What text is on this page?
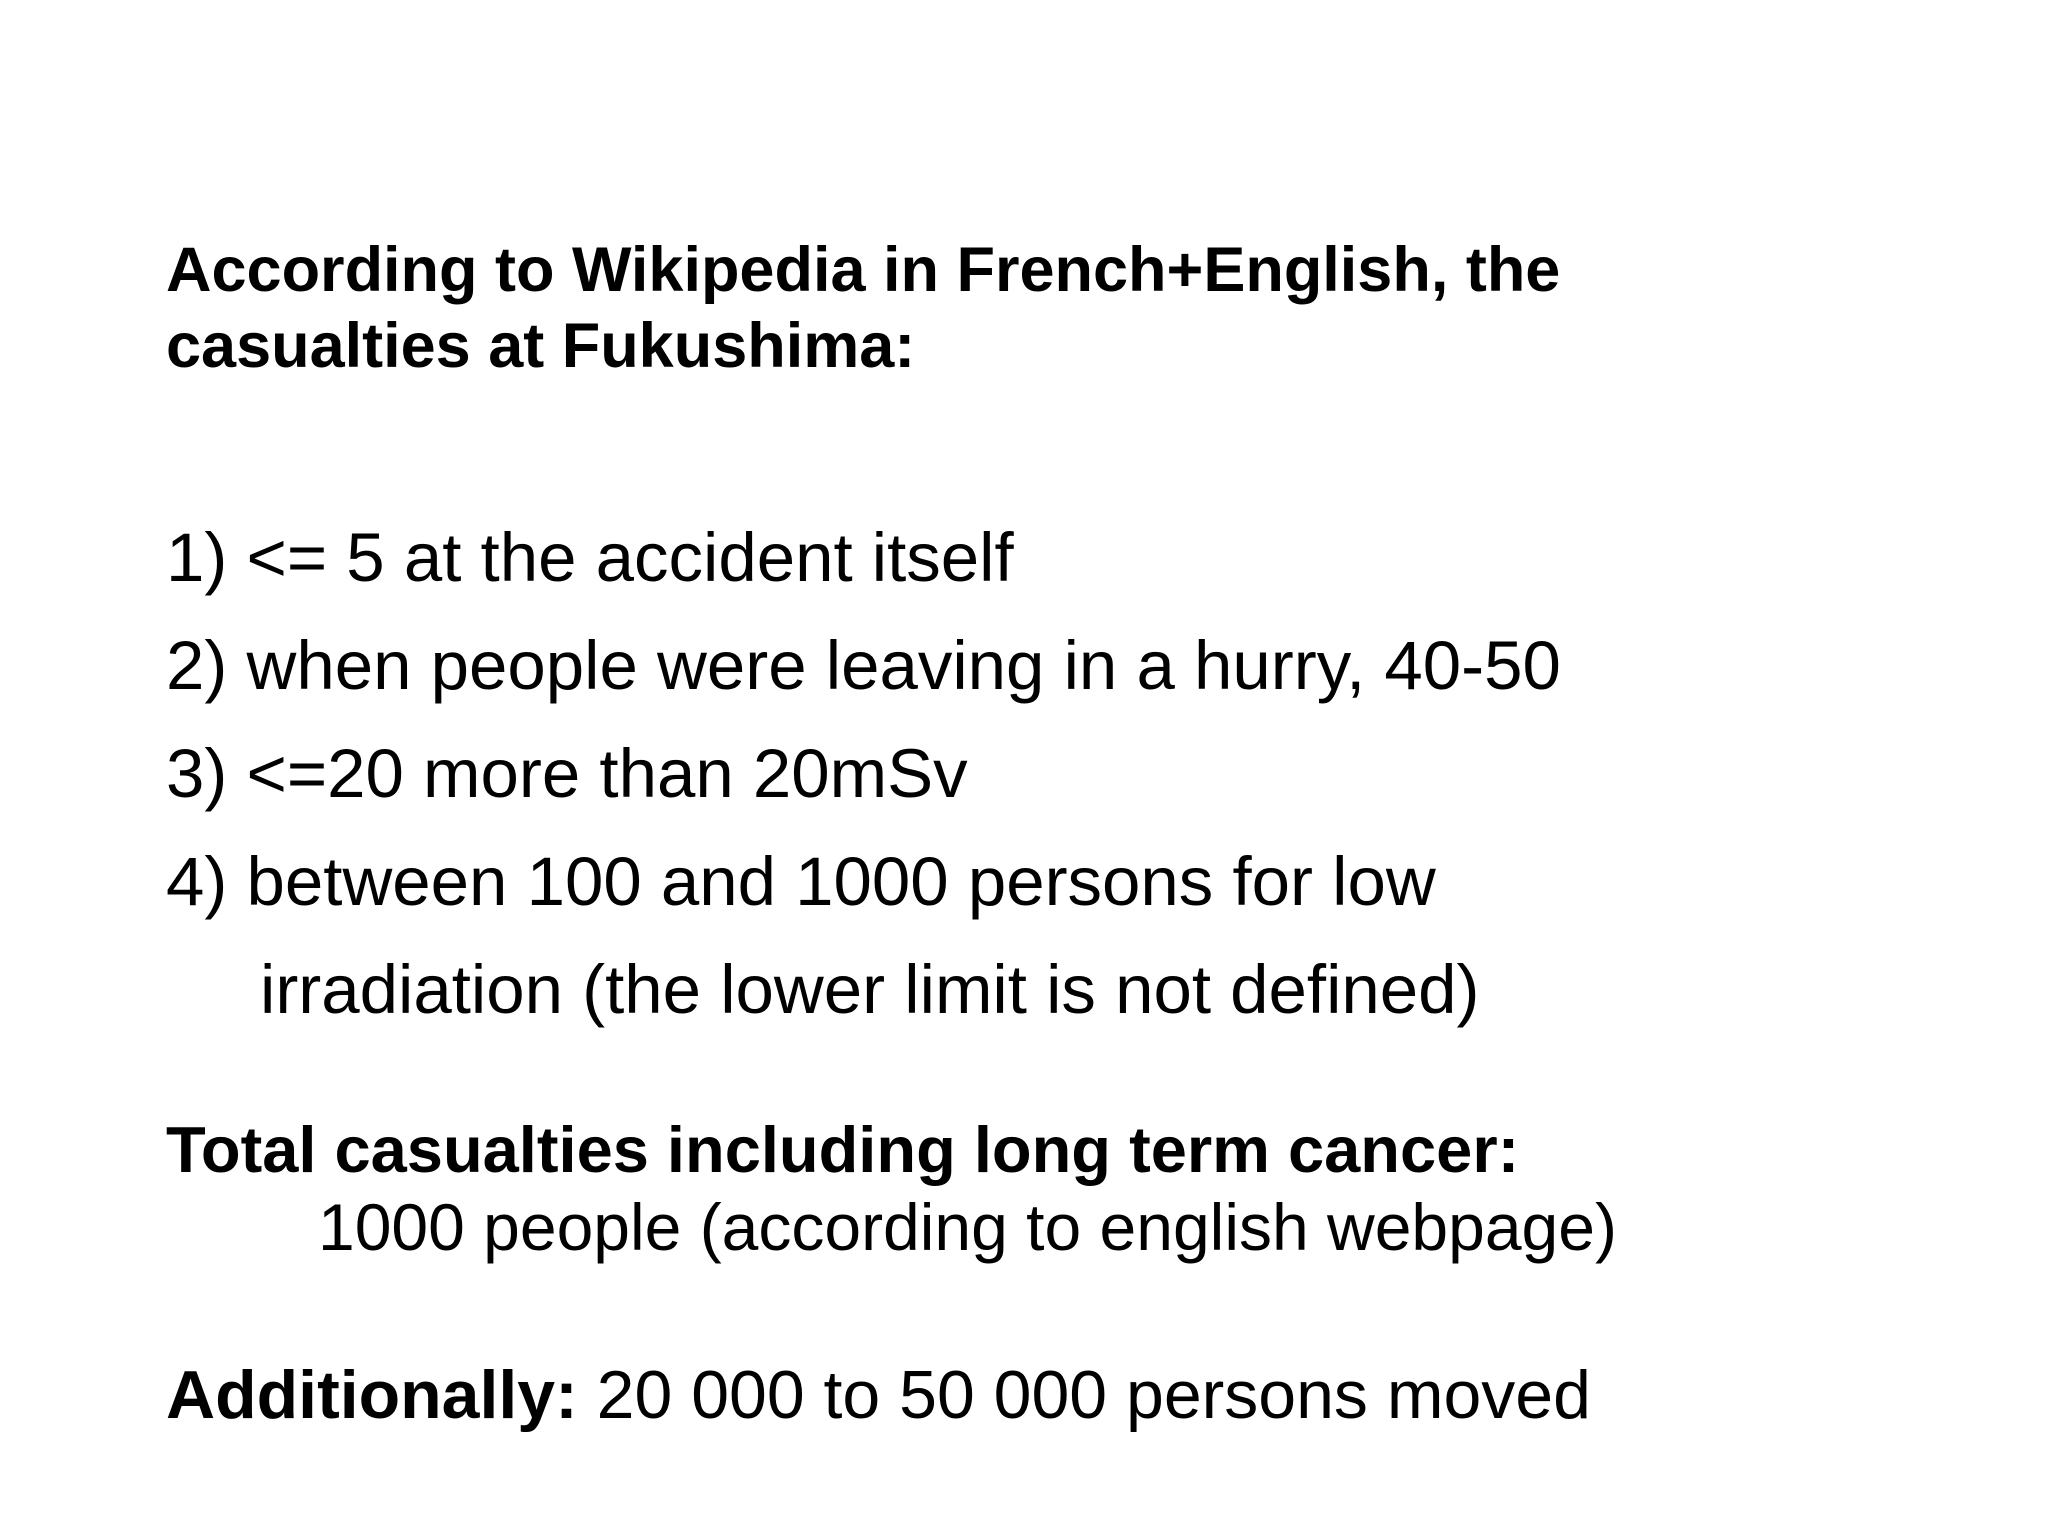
According to Wikipedia in French+English, the
casualties at Fukushima:
1) <= 5 at the accident itself
2) when people were leaving in a hurry, 40-50
3) <=20 more than 20mSv
4) between 100 and 1000 persons for low
irradiation (the lower limit is not defined)

Total casualties including long term cancer:
1000 people (according to english webpage)

Additionally: 20 000 to 50 000 persons moved
